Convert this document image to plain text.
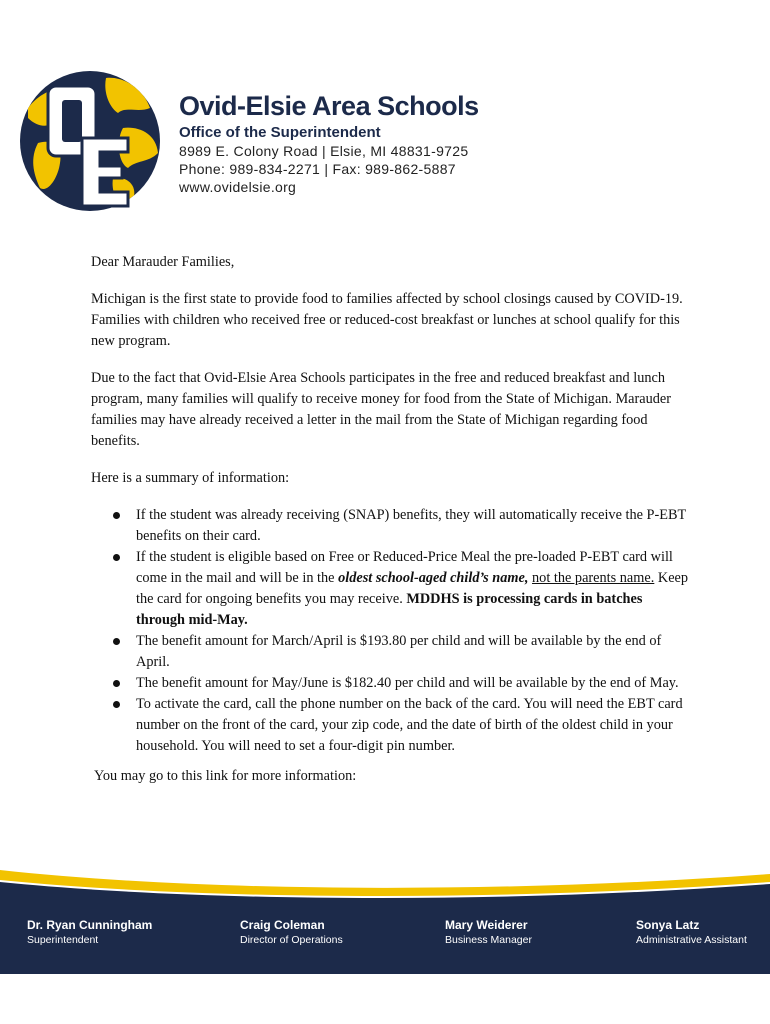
Ovid-Elsie Area Schools
Office of the Superintendent
8989 E. Colony Road | Elsie, MI 48831-9725
Phone: 989-834-2271 | Fax: 989-862-5887
www.ovidelsie.org

Dear Marauder Families,

Michigan is the first state to provide food to families affected by school closings caused by COVID-19. Families with children who received free or reduced-cost breakfast or lunches at school qualify for this new program.

Due to the fact that Ovid-Elsie Area Schools participates in the free and reduced breakfast and lunch program, many families will qualify to receive money for food from the State of Michigan. Marauder families may have already received a letter in the mail from the State of Michigan regarding food benefits.

Here is a summary of information:

If the student was already receiving (SNAP) benefits, they will automatically receive the P-EBT benefits on their card.
If the student is eligible based on Free or Reduced-Price Meal the pre-loaded P-EBT card will come in the mail and will be in the oldest school-aged child’s name, not the parents name. Keep the card for ongoing benefits you may receive. MDDHS is processing cards in batches through mid-May.
The benefit amount for March/April is $193.80 per child and will be available by the end of April.
The benefit amount for May/June is $182.40 per child and will be available by the end of May.
To activate the card, call the phone number on the back of the card. You will need the EBT card number on the front of the card, your zip code, and the date of birth of the oldest child in your household. You will need to set a four-digit pin number.

You may go to this link for more information:

Dr. Ryan Cunningham
Superintendent
Craig Coleman
Director of Operations
Mary Weiderer
Business Manager
Sonya Latz
Administrative Assistant
